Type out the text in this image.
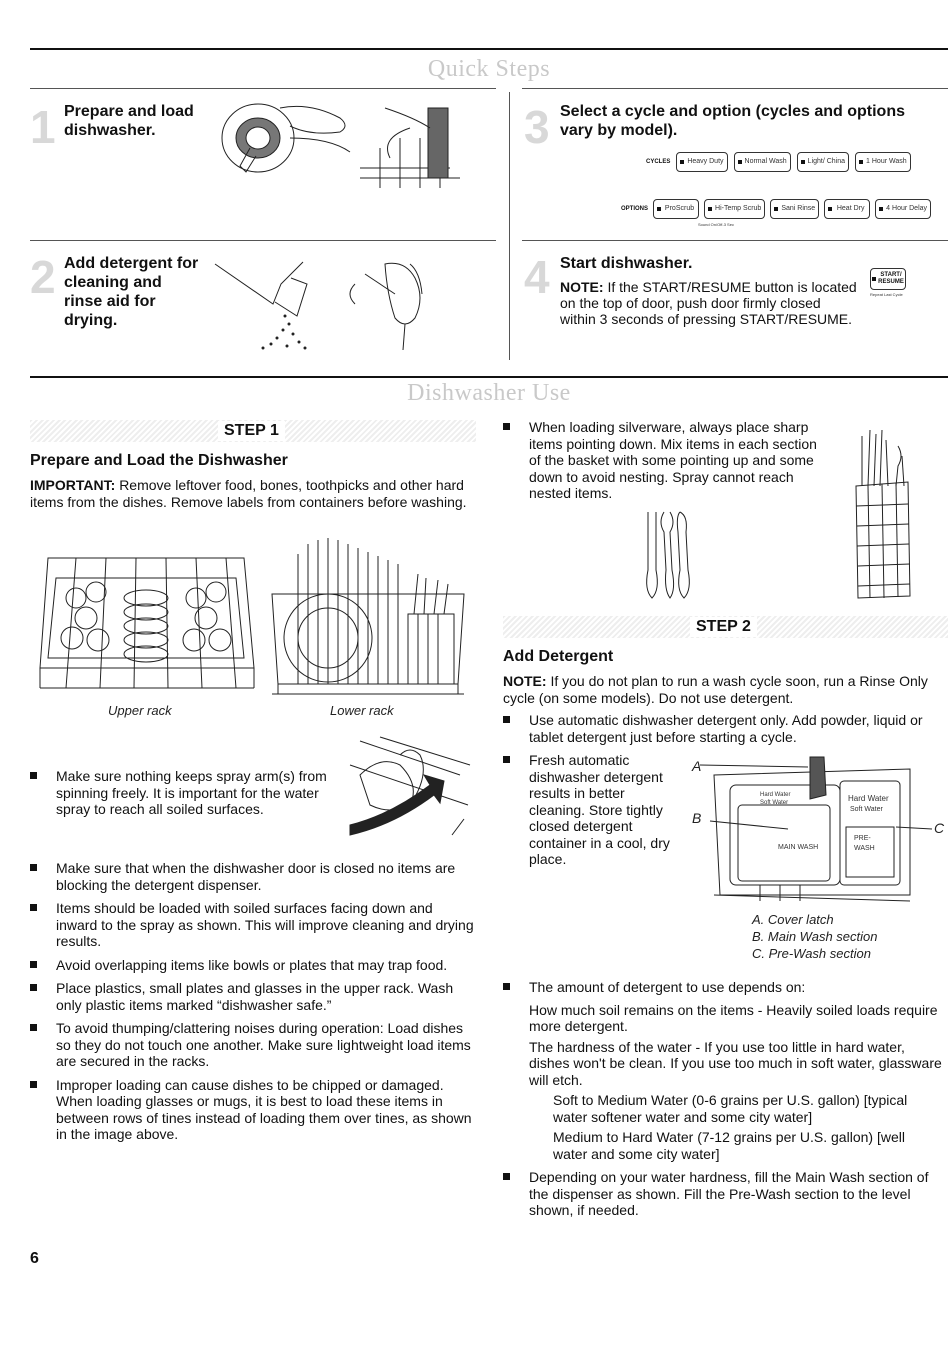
Quick Steps
1 Prepare and load dishwasher.
2 Add detergent for cleaning and rinse aid for drying.
3 Select a cycle and option (cycles and options vary by model).
CYCLES Heavy Duty	Normal Wash	Light/ China	1 Hour Wash
OPTIONS ProScrub	Hi-Temp Scrub	Sani Rinse	Heat Dry	4 Hour Delay
Sound On/Off-3 Sec
4 Start dishwasher.
NOTE: If the START/RESUME button is located on the top of door, push door firmly closed within 3 seconds of pressing START/RESUME.
START/ RESUME
Repeat Last Cycle
Dishwasher Use
STEP 1
Prepare and Load the Dishwasher
IMPORTANT: Remove leftover food, bones, toothpicks and other hard items from the dishes. Remove labels from containers before washing.
Upper rack	Lower rack
Make sure nothing keeps spray arm(s) from spinning freely. It is important for the water spray to reach all soiled surfaces.
Make sure that when the dishwasher door is closed no items are blocking the detergent dispenser.
Items should be loaded with soiled surfaces facing down and inward to the spray as shown. This will improve cleaning and drying results.
Avoid overlapping items like bowls or plates that may trap food.
Place plastics, small plates and glasses in the upper rack. Wash only plastic items marked “dishwasher safe.”
To avoid thumping/clattering noises during operation: Load dishes so they do not touch one another. Make sure lightweight load items are secured in the racks.
Improper loading can cause dishes to be chipped or damaged. When loading glasses or mugs, it is best to load these items in between rows of tines instead of loading them over tines, as shown in the image above.
When loading silverware, always place sharp items pointing down. Mix items in each section of the basket with some pointing up and some down to avoid nesting. Spray cannot reach nested items.
STEP 2
Add Detergent
NOTE: If you do not plan to run a wash cycle soon, run a Rinse Only cycle (on some models). Do not use detergent.
Use automatic dishwasher detergent only. Add powder, liquid or tablet detergent just before starting a cycle.
Fresh automatic dishwasher detergent results in better cleaning. Store tightly closed detergent container in a cool, dry place.
A
B
C
Hard Water
Soft Water	Hard Water
Soft Water
MAIN WASH
PRE- WASH
A. Cover latch
B. Main Wash section
C. Pre-Wash section
The amount of detergent to use depends on:
How much soil remains on the items - Heavily soiled loads require more detergent.
The hardness of the water - If you use too little in hard water, dishes won't be clean. If you use too much in soft water, glassware will etch.
Soft to Medium Water (0-6 grains per U.S. gallon) [typical water softener water and some city water]
Medium to Hard Water (7-12 grains per U.S. gallon) [well water and some city water]
Depending on your water hardness, fill the Main Wash section of the dispenser as shown. Fill the Pre-Wash section to the level shown, if needed.
6
